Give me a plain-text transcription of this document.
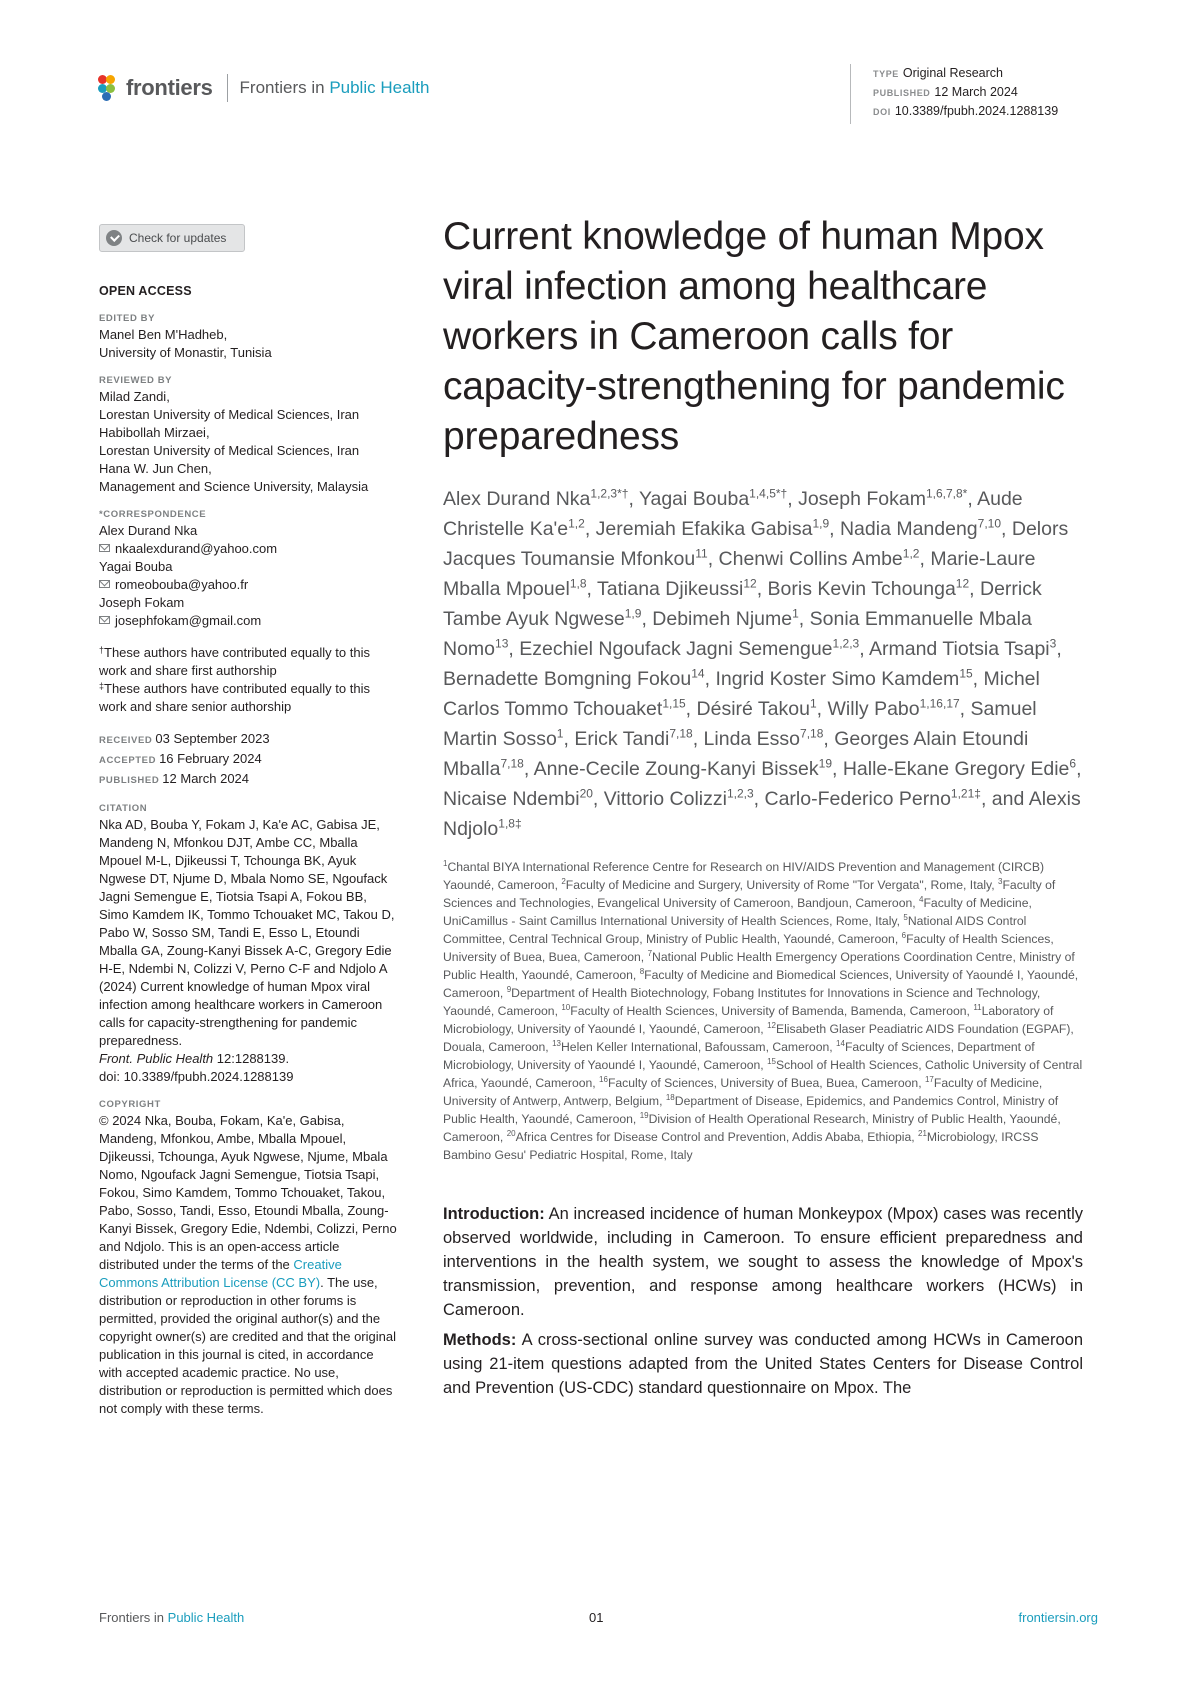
frontiers Frontiers in Public Health
TYPE Original Research
PUBLISHED 12 March 2024
DOI 10.3389/fpubh.2024.1288139
Check for updates
OPEN ACCESS
EDITED BY
Manel Ben M'Hadheb,
University of Monastir, Tunisia
REVIEWED BY
Milad Zandi,
Lorestan University of Medical Sciences, Iran
Habibollah Mirzaei,
Lorestan University of Medical Sciences, Iran
Hana W. Jun Chen,
Management and Science University, Malaysia
*CORRESPONDENCE
Alex Durand Nka
nkaalexdurand@yahoo.com
Yagai Bouba
romeobouba@yahoo.fr
Joseph Fokam
josephfokam@gmail.com
†These authors have contributed equally to this work and share first authorship
‡These authors have contributed equally to this work and share senior authorship
RECEIVED 03 September 2023
ACCEPTED 16 February 2024
PUBLISHED 12 March 2024
CITATION
Nka AD, Bouba Y, Fokam J, Ka'e AC, Gabisa JE, Mandeng N, Mfonkou DJT, Ambe CC, Mballa Mpouel M-L, Djikeussi T, Tchounga BK, Ayuk Ngwese DT, Njume D, Mbala Nomo SE, Ngoufack Jagni Semengue E, Tiotsia Tsapi A, Fokou BB, Simo Kamdem IK, Tommo Tchouaket MC, Takou D, Pabo W, Sosso SM, Tandi E, Esso L, Etoundi Mballa GA, Zoung-Kanyi Bissek A-C, Gregory Edie H-E, Ndembi N, Colizzi V, Perno C-F and Ndjolo A (2024) Current knowledge of human Mpox viral infection among healthcare workers in Cameroon calls for capacity-strengthening for pandemic preparedness.
Front. Public Health 12:1288139.
doi: 10.3389/fpubh.2024.1288139
COPYRIGHT
© 2024 Nka, Bouba, Fokam, Ka'e, Gabisa, Mandeng, Mfonkou, Ambe, Mballa Mpouel, Djikeussi, Tchounga, Ayuk Ngwese, Njume, Mbala Nomo, Ngoufack Jagni Semengue, Tiotsia Tsapi, Fokou, Simo Kamdem, Tommo Tchouaket, Takou, Pabo, Sosso, Tandi, Esso, Etoundi Mballa, Zoung-Kanyi Bissek, Gregory Edie, Ndembi, Colizzi, Perno and Ndjolo. This is an open-access article distributed under the terms of the Creative Commons Attribution License (CC BY). The use, distribution or reproduction in other forums is permitted, provided the original author(s) and the copyright owner(s) are credited and that the original publication in this journal is cited, in accordance with accepted academic practice. No use, distribution or reproduction is permitted which does not comply with these terms.
Current knowledge of human Mpox viral infection among healthcare workers in Cameroon calls for capacity-strengthening for pandemic preparedness
Alex Durand Nka$^{1,2,3*\dagger}$, Yagai Bouba$^{1,4,5*\dagger}$, Joseph Fokam$^{1,6,7,8*}$, Aude Christelle $Ka'e^{1,2}$, Jeremiah Efakika Gabisa$^{1,9}$, Nadia Mandeng$^{7,10}$, Delors Jacques Toumansie Mfonkou$^{11}$, Chenwi Collins Ambe$^{1,2}$, Marie-Laure Mballa Mpouel$^{1,8}$, Tatiana Djikeussi$^{12}$, Boris Kevin Tchounga$^{12}$, Derrick Tambe Ayuk Ngwese$^{1,9}$, Debimeh Njume$^1$, Sonia Emmanuelle Mbala Nomo$^{13}$, Ezechiel Ngoufack Jagni Semengue$^{1,2,3}$, Armand Tiotsia Tsapi$^3$, Bernadette Bomgning Fokou$^{14}$, Ingrid Koster Simo Kamdem$^{15}$, Michel Carlos Tommo Tchouaket$^{1,15}$, Désiré Takou$^1$, Willy Pabo$^{1,16,17}$, Samuel Martin Sosso$^1$, Erick Tandi$^{7,18}$, Linda Esso$^{7,18}$, Georges Alain Etoundi Mballa$^{7,18}$, Anne-Cecile Zoung-Kanyi Bissek$^{19}$, Halle-Ekane Gregory Edie$^6$, Nicaise Ndembi$^{20}$, Vittorio Colizzi$^{1,2,3}$, Carlo-Federico Perno$^{1,21\ddagger}$, and Alexis Ndjolo$^{1,8\ddagger}$
$^1$Chantal BIYA International Reference Centre for Research on HIV/AIDS Prevention and Management (CIRCB) Yaoundé, Cameroon, $^2$Faculty of Medicine and Surgery, University of Rome "Tor Vergata", Rome, Italy, $^3$Faculty of Sciences and Technologies, Evangelical University of Cameroon, Bandjoun, Cameroon, $^4$Faculty of Medicine, UniCamillus - Saint Camillus International University of Health Sciences, Rome, Italy, $^5$National AIDS Control Committee, Central Technical Group, Ministry of Public Health, Yaoundé, Cameroon, $^6$Faculty of Health Sciences, University of Buea, Buea, Cameroon, $^7$National Public Health Emergency Operations Coordination Centre, Ministry of Public Health, Yaoundé, Cameroon, $^8$Faculty of Medicine and Biomedical Sciences, University of Yaoundé I, Yaoundé, Cameroon, $^9$Department of Health Biotechnology, Fobang Institutes for Innovations in Science and Technology, Yaoundé, Cameroon, $^{10}$Faculty of Health Sciences, University of Bamenda, Bamenda, Cameroon, $^{11}$Laboratory of Microbiology, University of Yaoundé I, Yaoundé, Cameroon, $^{12}$Elisabeth Glaser Peadiatric AIDS Foundation (EGPAF), Douala, Cameroon, $^{13}$Helen Keller International, Bafoussam, Cameroon, $^{14}$Faculty of Sciences, Department of Microbiology, University of Yaoundé I, Yaoundé, Cameroon, $^{15}$School of Health Sciences, Catholic University of Central Africa, Yaoundé, Cameroon, $^{16}$Faculty of Sciences, University of Buea, Buea, Cameroon, $^{17}$Faculty of Medicine, University of Antwerp, Antwerp, Belgium, $^{18}$Department of Disease, Epidemics, and Pandemics Control, Ministry of Public Health, Yaoundé, Cameroon, $^{19}$Division of Health Operational Research, Ministry of Public Health, Yaoundé, Cameroon, $^{20}$Africa Centres for Disease Control and Prevention, Addis Ababa, Ethiopia, $^{21}$Microbiology, IRCSS Bambino Gesu' Pediatric Hospital, Rome, Italy

Introduction: An increased incidence of human Monkeypox (Mpox) cases was recently observed worldwide, including in Cameroon. To ensure efficient preparedness and interventions in the health system, we sought to assess the knowledge of Mpox's transmission, prevention, and response among healthcare workers (HCWs) in Cameroon.

Methods: A cross-sectional online survey was conducted among HCWs in Cameroon using 21-item questions adapted from the United States Centers for Disease Control and Prevention (US-CDC) standard questionnaire on Mpox. The

Frontiers in Public Health	01	frontiersin.org
